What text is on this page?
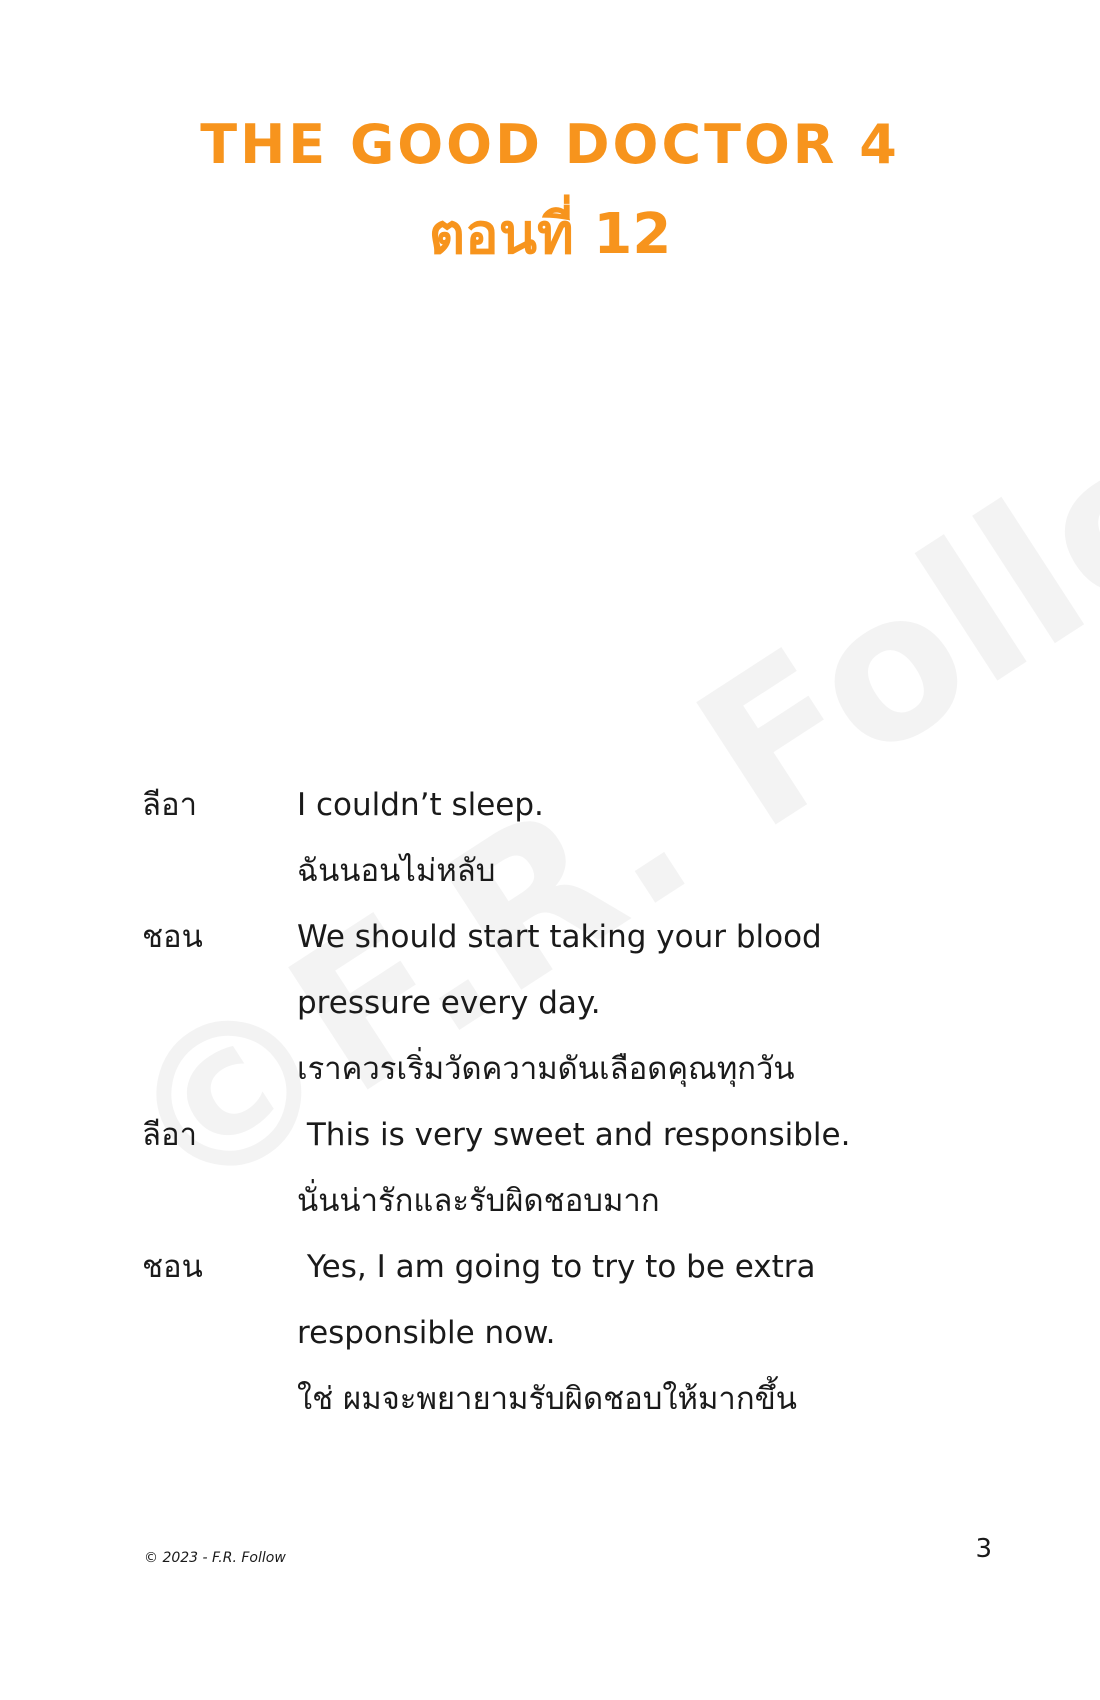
THE GOOD DOCTOR 4
ตอนที่ 12
ลีอา	I couldn’t sleep.
ฉันนอนไม่หลับ
ชอน	We should start taking your blood
pressure every day.
เราควรเริ่มวัดความดันเลือดคุณทุกวัน
ลีอา	This is very sweet and responsible.
นั่นน่ารักและรับผิดชอบมาก
ชอน	Yes, I am going to try to be extra
responsible now.
ใช่ ผมจะพยายามรับผิดชอบให้มากขึ้น
© 2023 - F.R. Follow	3
